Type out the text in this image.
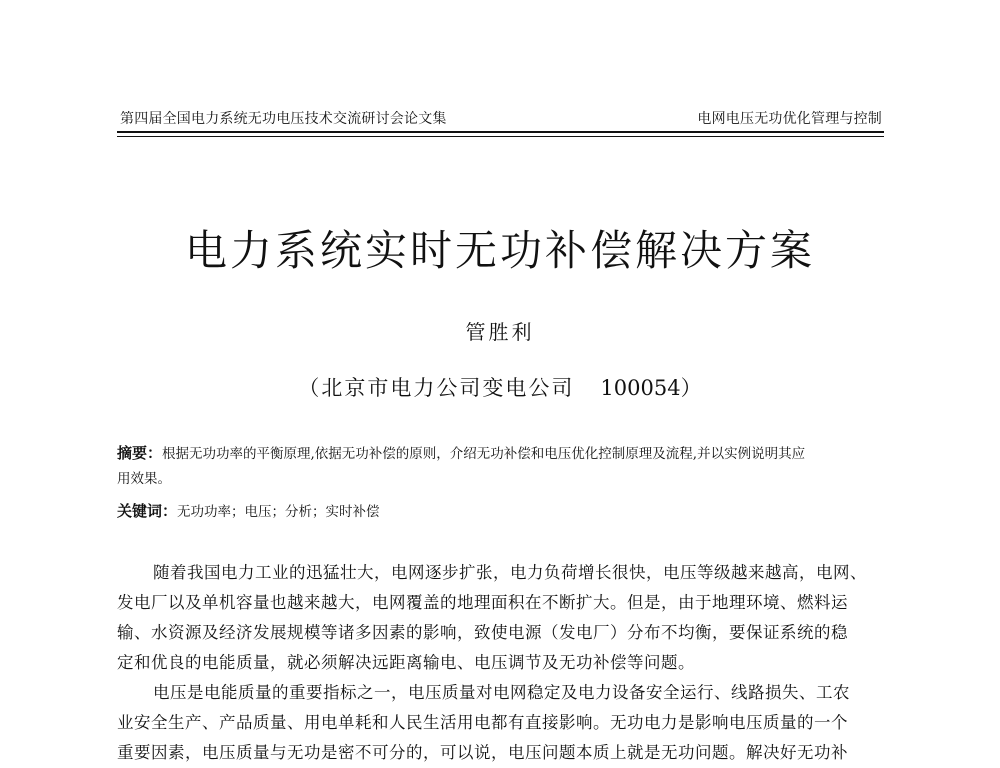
第四届全国电力系统无功电压技术交流研讨会论文集	电网电压无功优化管理与控制
电力系统实时无功补偿解决方案
管胜利
（北京市电力公司变电公司 100054）
摘要：根据无功功率的平衡原理,依据无功补偿的原则，介绍无功补偿和电压优化控制原理及流程,并以实例说明其应
用效果。
关键词：无功功率；电压；分析；实时补偿
随着我国电力工业的迅猛壮大，电网逐步扩张，电力负荷增长很快，电压等级越来越高，电网、
发电厂以及单机容量也越来越大，电网覆盖的地理面积在不断扩大。但是，由于地理环境、燃料运
输、水资源及经济发展规模等诸多因素的影响，致使电源（发电厂）分布不均衡，要保证系统的稳
定和优良的电能质量，就必须解决远距离输电、电压调节及无功补偿等问题。
电压是电能质量的重要指标之一，电压质量对电网稳定及电力设备安全运行、线路损失、工农
业安全生产、产品质量、用电单耗和人民生活用电都有直接影响。无功电力是影响电压质量的一个
重要因素，电压质量与无功是密不可分的，可以说，电压问题本质上就是无功问题。解决好无功补
